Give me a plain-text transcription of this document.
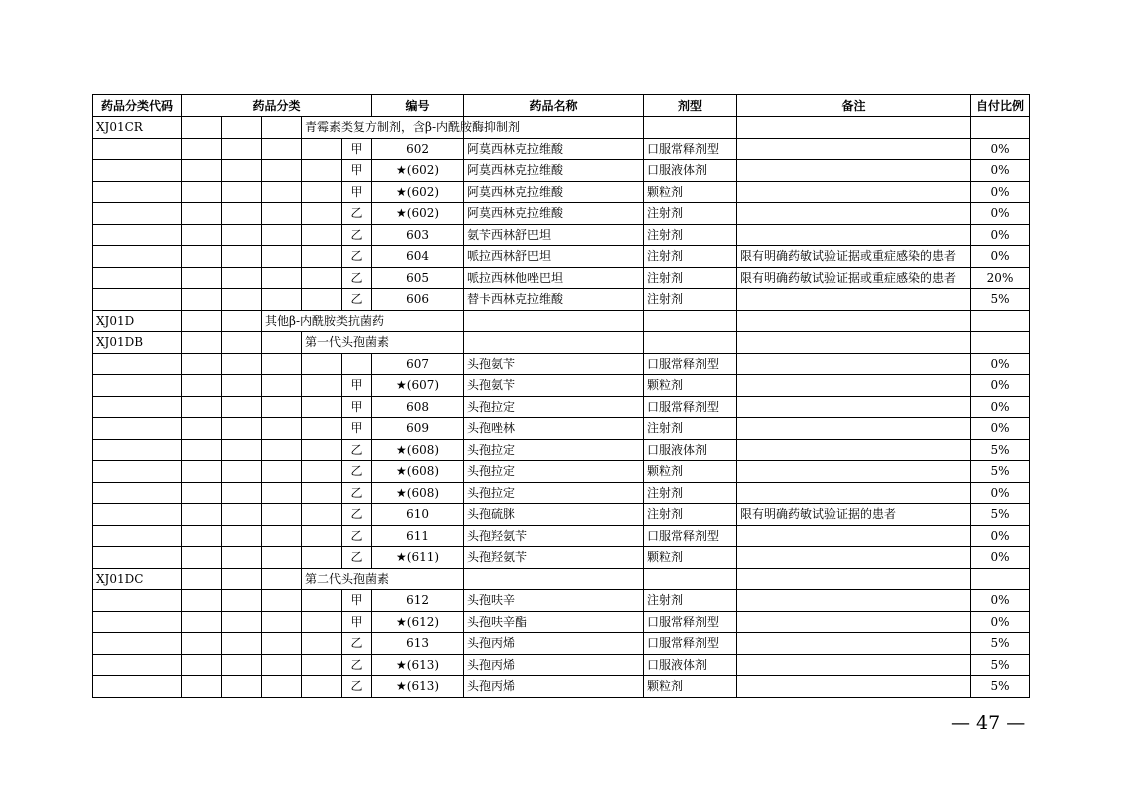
药品分类代码	药品分类					编号	药品名称	剂型	备注	自付比例	
XJ01CR				青霉素类复方制剂，含β-内酰胺酶抑制剂							
					甲	602	阿莫西林克拉维酸	口服常释剂型		0%	
					甲	★(602)	阿莫西林克拉维酸	口服液体剂		0%	
					甲	★(602)	阿莫西林克拉维酸	颗粒剂		0%	
					乙	★(602)	阿莫西林克拉维酸	注射剂		0%	
					乙	603	氨苄西林舒巴坦	注射剂		0%	
					乙	604	哌拉西林舒巴坦	注射剂	限有明确药敏试验证据或重症感染的患者	0%	
					乙	605	哌拉西林他唑巴坦	注射剂	限有明确药敏试验证据或重症感染的患者	20%	
					乙	606	替卡西林克拉维酸	注射剂		5%	
XJ01D			其他β-内酰胺类抗菌药								
XJ01DB				第一代头孢菌素							
						607	头孢氨苄	口服常释剂型		0%	
					甲	★(607)	头孢氨苄	颗粒剂		0%	
					甲	608	头孢拉定	口服常释剂型		0%	
					甲	609	头孢唑林	注射剂		0%	
					乙	★(608)	头孢拉定	口服液体剂		5%	
					乙	★(608)	头孢拉定	颗粒剂		5%	
					乙	★(608)	头孢拉定	注射剂		0%	
					乙	610	头孢硫脒	注射剂	限有明确药敏试验证据的患者	5%	
					乙	611	头孢羟氨苄	口服常释剂型		0%	
					乙	★(611)	头孢羟氨苄	颗粒剂		0%	
XJ01DC				第二代头孢菌素							
					甲	612	头孢呋辛	注射剂		0%	
					甲	★(612)	头孢呋辛酯	口服常释剂型		0%	
					乙	613	头孢丙烯	口服常释剂型		5%	
					乙	★(613)	头孢丙烯	口服液体剂		5%	
					乙	★(613)	头孢丙烯	颗粒剂		5%	
— 47 —
